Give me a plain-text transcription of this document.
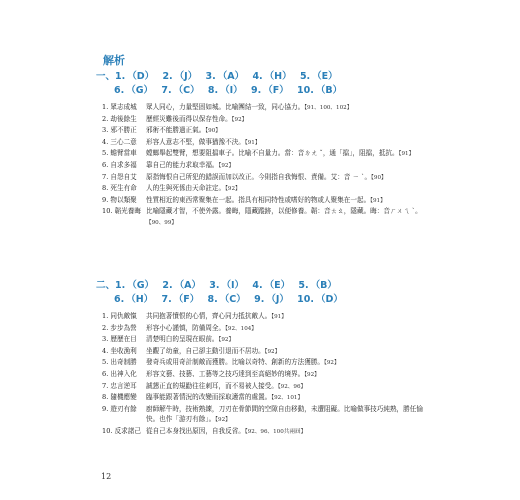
解析
一、1. （D） 2. （J） 3. （A） 4. （H） 5. （E）
6. （G） 7. （C） 8. （I） 9. （F） 10. （B）
1. 眾志成城	眾人同心，力量堅固如城。比喻團結一致，同心協力。【91、100、102】
2. 劫後餘生	歷經災難後而得以保存性命。【92】
3. 邪不勝正	邪術不能勝過正氣。【90】
4. 三心二意	形容人意志不堅，做事猶豫不決。【91】
5. 蟾臂當車	螳螂舉起雙臂，想要阻擋車子。比喻不自量力。當：音ㄉㄤ ˇ，通「擋」，阻擋，抵抗。【91】
6. 自求多福	靠自己的能力求取幸福。【92】
7. 自怨自艾	原指悔恨自己所犯的錯誤而加以改正。今則指自我悔恨、責備。艾：音 ㄧ ˋ。【90】
8. 死生有命	人的生與死係由天命註定。【92】
9. 物以類聚	性質相近的東西常聚集在一起。指具有相同特性或嗜好的物或人聚集在一起。【91】
10. 韜光養晦 比喻隱藏才智，不使外露。養晦，隱藏蹤跡，以便修養。韜：音ㄊㄠ，隱藏。晦：音ㄏㄨㄟ ˋ。【90、99】
二、1. （G） 2. （A） 3. （I） 4. （E） 5. （B）
6. （H） 7. （F） 8. （C） 9. （J） 10. （D）
1. 同仇敵愾	共同抱著憤恨的心情，齊心同力抵抗敵人。【91】
2. 步步為營	形容小心謹慎，防備周全。【92、104】
3. 歷歷在目	清楚明白的呈現在眼前。【92】
4. 坐收漁利	坐觀了幼童，自己卻主動引退而不居功。【92】
5. 出奇制勝	發奇兵或用奇計制敵而獲勝。比喻以奇特、創新的方法獲勝。【92】
6. 出神入化	形容文藝、技藝、工藝等之技巧達到至高絕妙的境界。【92】
7. 忠言逆耳	誠懇正直的規勸往往刺耳，而不易被人接受。【92、96】
8. 隨機應變	臨事能跟著情況的改變而採取適當的處置。【92、101】
9. 遊刃有餘	廚師解牛時，技術熟練，刀刃在骨節間的空隙自由移動，未遭阻礙。比喻做事技巧純熟，勝任愉快。也作「游刃有餘」。【92】
10. 反求諸己 從自己本身找出原因，自我反省。【92、96、100共兩屆】
12
